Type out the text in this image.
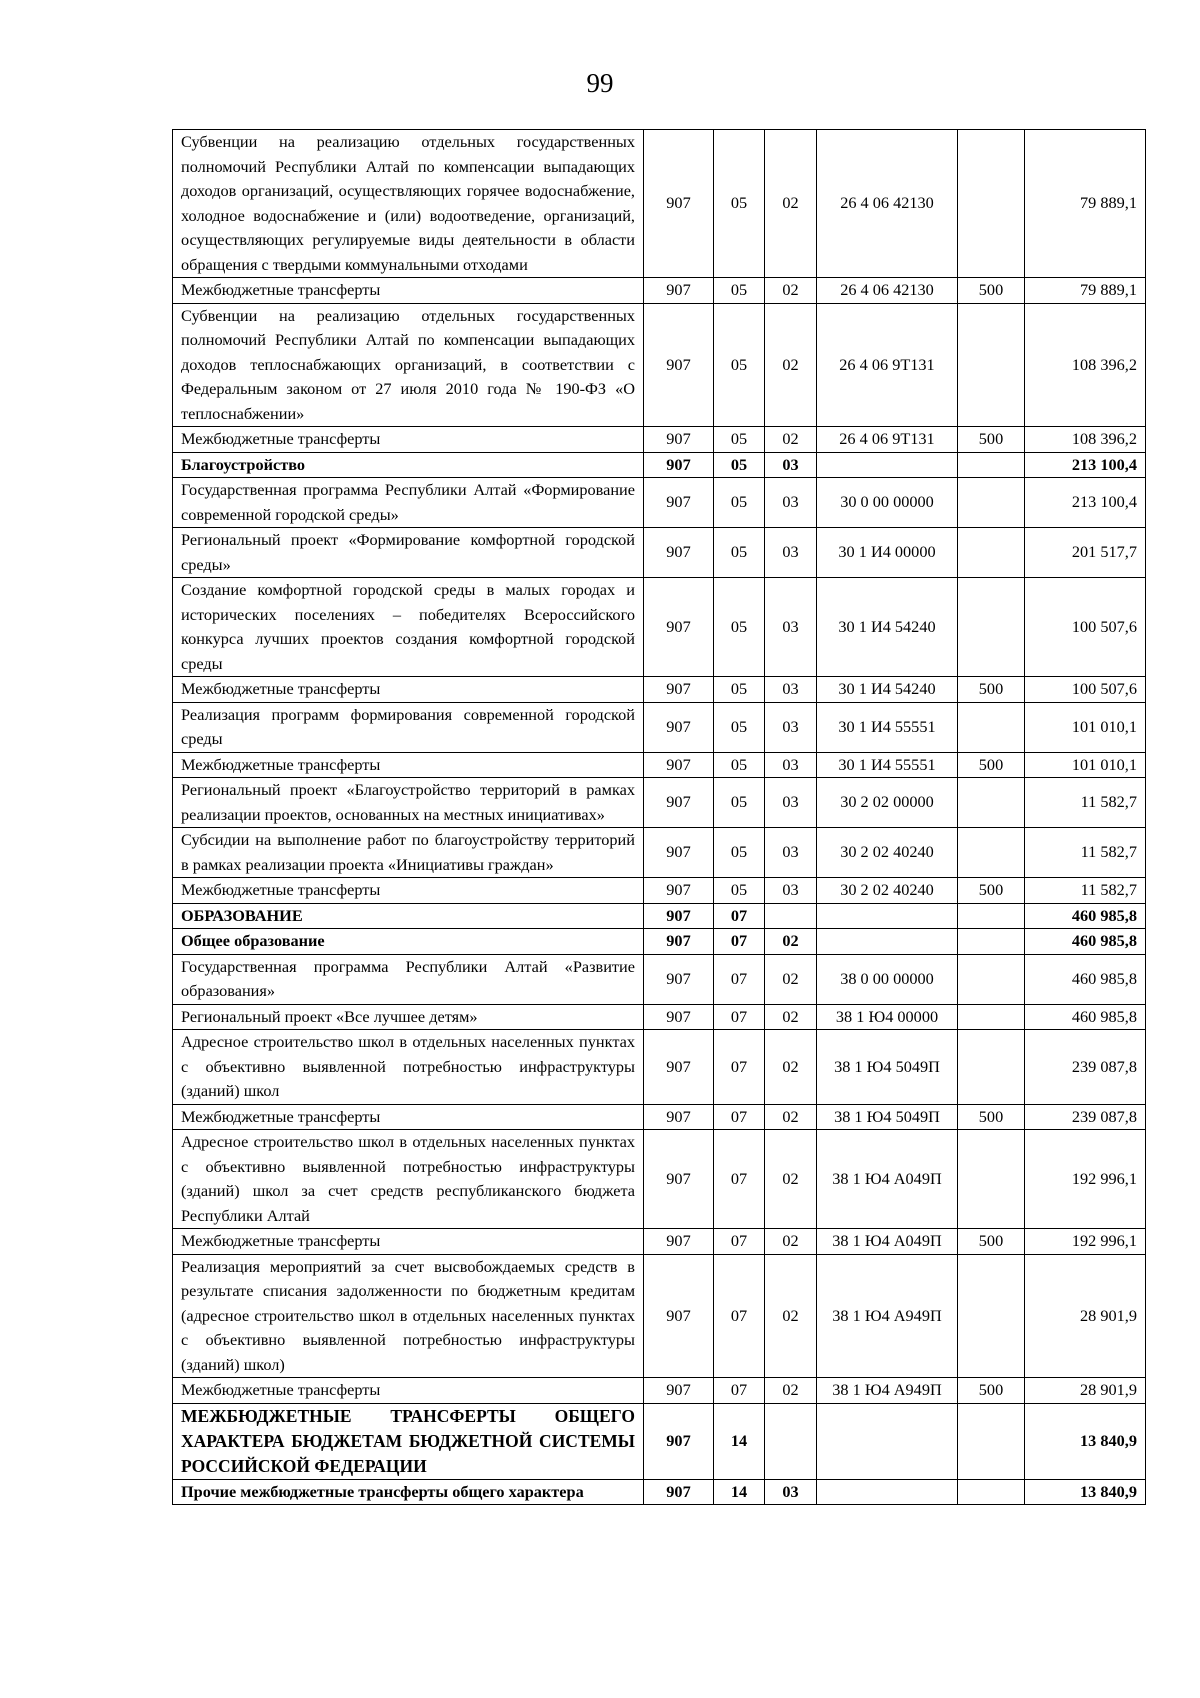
99
Субвенции на реализацию отдельных государственных полномочий Республики Алтай по компенсации выпадающих доходов организаций, осуществляющих горячее водоснабжение, холодное водоснабжение и (или) водоотведение, организаций, осуществляющих регулируемые виды деятельности в области обращения с твердыми коммунальными отходами	907	05	02	26 4 06 42130		79 889,1
Межбюджетные трансферты	907	05	02	26 4 06 42130	500	79 889,1
Субвенции на реализацию отдельных государственных полномочий Республики Алтай по компенсации выпадающих доходов теплоснабжающих организаций, в соответствии с Федеральным законом от 27 июля 2010 года № 190-ФЗ «О теплоснабжении»	907	05	02	26 4 06 9Т131		108 396,2
Межбюджетные трансферты	907	05	02	26 4 06 9Т131	500	108 396,2
Благоустройство	907	05	03			213 100,4
Государственная программа Республики Алтай «Формирование современной городской среды»	907	05	03	30 0 00 00000		213 100,4
Региональный проект «Формирование комфортной городской среды»	907	05	03	30 1 И4 00000		201 517,7
Создание комфортной городской среды в малых городах и исторических поселениях – победителях Всероссийского конкурса лучших проектов создания комфортной городской среды	907	05	03	30 1 И4 54240		100 507,6
Межбюджетные трансферты	907	05	03	30 1 И4 54240	500	100 507,6
Реализация программ формирования современной городской среды	907	05	03	30 1 И4 55551		101 010,1
Межбюджетные трансферты	907	05	03	30 1 И4 55551	500	101 010,1
Региональный проект «Благоустройство территорий в рамках реализации проектов, основанных на местных инициативах»	907	05	03	30 2 02 00000		11 582,7
Субсидии на выполнение работ по благоустройству территорий в рамках реализации проекта «Инициативы граждан»	907	05	03	30 2 02 40240		11 582,7
Межбюджетные трансферты	907	05	03	30 2 02 40240	500	11 582,7
ОБРАЗОВАНИЕ	907	07				460 985,8
Общее образование	907	07	02			460 985,8
Государственная программа Республики Алтай «Развитие образования»	907	07	02	38 0 00 00000		460 985,8
Региональный проект «Все лучшее детям»	907	07	02	38 1 Ю4 00000		460 985,8
Адресное строительство школ в отдельных населенных пунктах с объективно выявленной потребностью инфраструктуры (зданий) школ	907	07	02	38 1 Ю4 5049П		239 087,8
Межбюджетные трансферты	907	07	02	38 1 Ю4 5049П	500	239 087,8
Адресное строительство школ в отдельных населенных пунктах с объективно выявленной потребностью инфраструктуры (зданий) школ за счет средств республиканского бюджета Республики Алтай	907	07	02	38 1 Ю4 А049П		192 996,1
Межбюджетные трансферты	907	07	02	38 1 Ю4 А049П	500	192 996,1
Реализация мероприятий за счет высвобождаемых средств в результате списания задолженности по бюджетным кредитам (адресное строительство школ в отдельных населенных пунктах с объективно выявленной потребностью инфраструктуры (зданий) школ)	907	07	02	38 1 Ю4 А949П		28 901,9
Межбюджетные трансферты	907	07	02	38 1 Ю4 А949П	500	28 901,9
МЕЖБЮДЖЕТНЫЕ ТРАНСФЕРТЫ ОБЩЕГО ХАРАКТЕРА БЮДЖЕТАМ БЮДЖЕТНОЙ СИСТЕМЫ РОССИЙСКОЙ ФЕДЕРАЦИИ	907	14				13 840,9
Прочие межбюджетные трансферты общего характера	907	14	03			13 840,9
